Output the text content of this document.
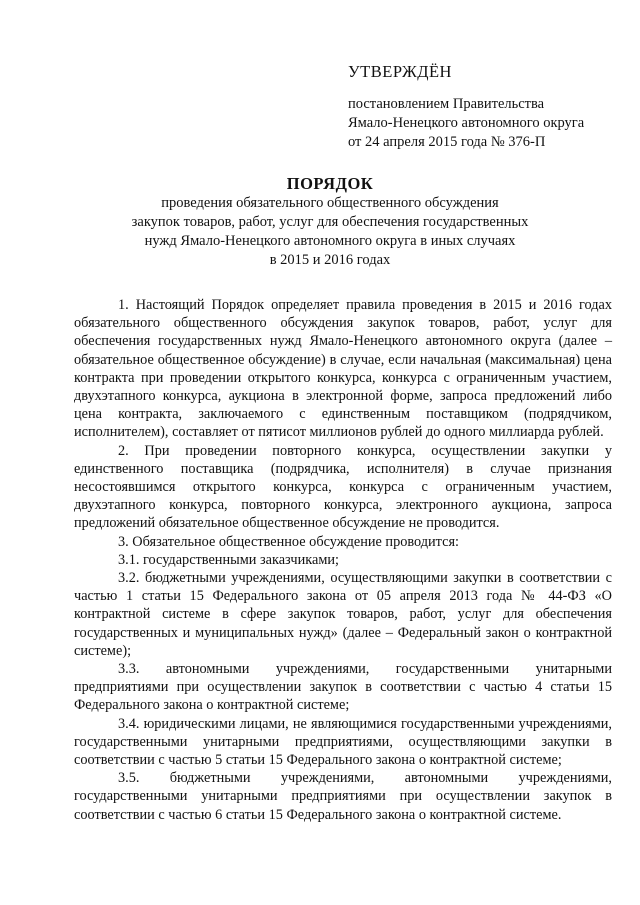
УТВЕРЖДЁН
постановлением Правительства
Ямало-Ненецкого автономного округа
от 24 апреля 2015 года № 376-П
ПОРЯДОК
проведения обязательного общественного обсуждения
закупок товаров, работ, услуг для обеспечения государственных
нужд Ямало-Ненецкого автономного округа в иных случаях
в 2015 и 2016 годах

1. Настоящий Порядок определяет правила проведения в 2015 и 2016 годах обязательного общественного обсуждения закупок товаров, работ, услуг для обеспечения государственных нужд Ямало-Ненецкого автономного округа (далее – обязательное общественное обсуждение) в случае, если начальная (максимальная) цена контракта при проведении открытого конкурса, конкурса с ограниченным участием, двухэтапного конкурса, аукциона в электронной форме, запроса предложений либо цена контракта, заключаемого с единственным поставщиком (подрядчиком, исполнителем), составляет от пятисот миллионов рублей до одного миллиарда рублей.

2. При проведении повторного конкурса, осуществлении закупки у единственного поставщика (подрядчика, исполнителя) в случае признания несостоявшимся открытого конкурса, конкурса с ограниченным участием, двухэтапного конкурса, повторного конкурса, электронного аукциона, запроса предложений обязательное общественное обсуждение не проводится.

3. Обязательное общественное обсуждение проводится:

3.1. государственными заказчиками;

3.2. бюджетными учреждениями, осуществляющими закупки в соответствии с частью 1 статьи 15 Федерального закона от 05 апреля 2013 года № 44-ФЗ «О контрактной системе в сфере закупок товаров, работ, услуг для обеспечения государственных и муниципальных нужд» (далее – Федеральный закон о контрактной системе);

3.3. автономными учреждениями, государственными унитарными предприятиями при осуществлении закупок в соответствии с частью 4 статьи 15 Федерального закона о контрактной системе;

3.4. юридическими лицами, не являющимися государственными учреждениями, государственными унитарными предприятиями, осуществляющими закупки в соответствии с частью 5 статьи 15 Федерального закона о контрактной системе;

3.5. бюджетными учреждениями, автономными учреждениями, государственными унитарными предприятиями при осуществлении закупок в соответствии с частью 6 статьи 15 Федерального закона о контрактной системе.
